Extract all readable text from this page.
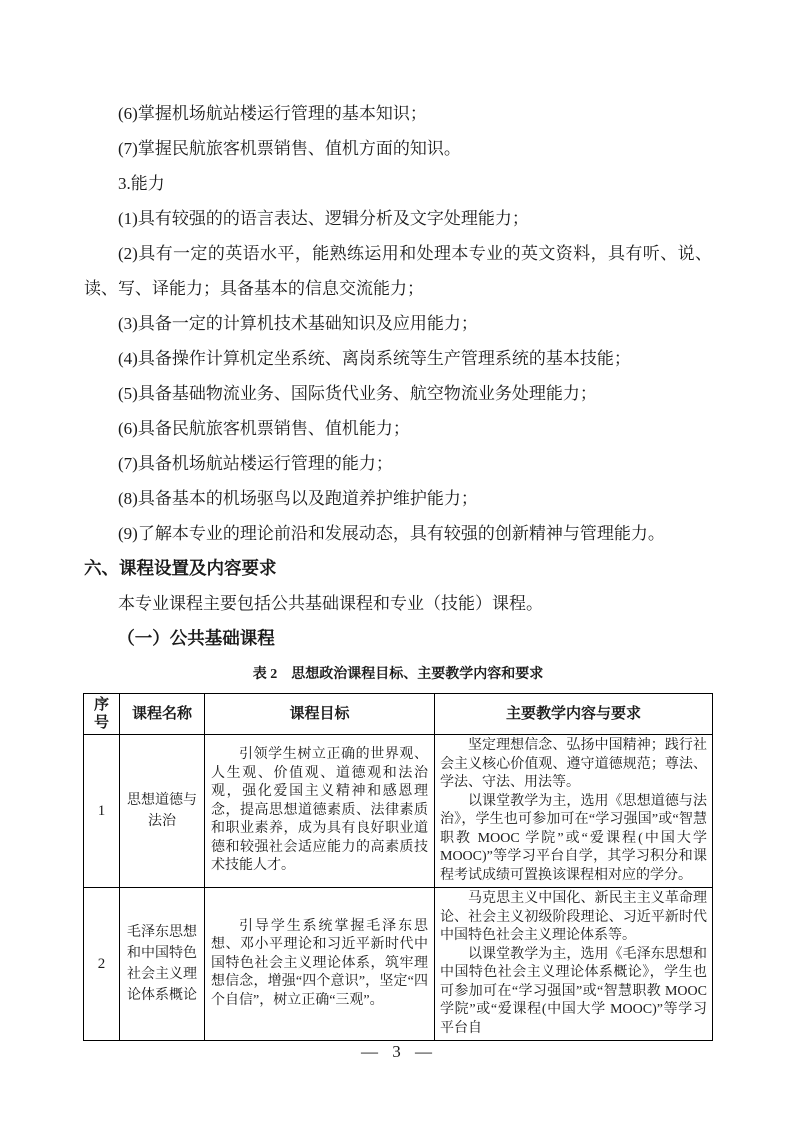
(6)掌握机场航站楼运行管理的基本知识；

(7)掌握民航旅客机票销售、值机方面的知识。

3.能力

(1)具有较强的的语言表达、逻辑分析及文字处理能力；

(2)具有一定的英语水平，能熟练运用和处理本专业的英文资料，具有听、说、读、写、译能力；具备基本的信息交流能力；

(3)具备一定的计算机技术基础知识及应用能力；

(4)具备操作计算机定坐系统、离岗系统等生产管理系统的基本技能；

(5)具备基础物流业务、国际货代业务、航空物流业务处理能力；

(6)具备民航旅客机票销售、值机能力；

(7)具备机场航站楼运行管理的能力；

(8)具备基本的机场驱鸟以及跑道养护维护能力；

(9)了解本专业的理论前沿和发展动态，具有较强的创新精神与管理能力。

六、课程设置及内容要求

本专业课程主要包括公共基础课程和专业（技能）课程。

（一）公共基础课程

表 2　思想政治课程目标、主要教学内容和要求

序号	课程名称	课程目标	主要教学内容与要求
1	思想道德与法治	引领学生树立正确的世界观、人生观、价值观、道德观和法治观，强化爱国主义精神和感恩理念，提高思想道德素质、法律素质和职业素养，成为具有良好职业道德和较强社会适应能力的高素质技术技能人才。	坚定理想信念、弘扬中国精神；践行社会主义核心价值观、遵守道德规范；尊法、学法、守法、用法等。

以课堂教学为主，选用《思想道德与法治》，学生也可参加可在“学习强国”或“智慧职教 MOOC 学院”或“爱课程(中国大学MOOC)”等学习平台自学，其学习积分和课程考试成绩可置换该课程相对应的学分。

2	毛泽东思想和中国特色社会主义理论体系概论	引导学生系统掌握毛泽东思想、邓小平理论和习近平新时代中国特色社会主义理论体系，筑牢理想信念，增强“四个意识”，坚定“四个自信”，树立正确“三观”。	马克思主义中国化、新民主主义革命理论、社会主义初级阶段理论、习近平新时代中国特色社会主义理论体系等。

以课堂教学为主，选用《毛泽东思想和中国特色社会主义理论体系概论》，学生也可参加可在“学习强国”或“智慧职教 MOOC 学院”或“爱课程(中国大学 MOOC)”等学习平台自

— 3 —
